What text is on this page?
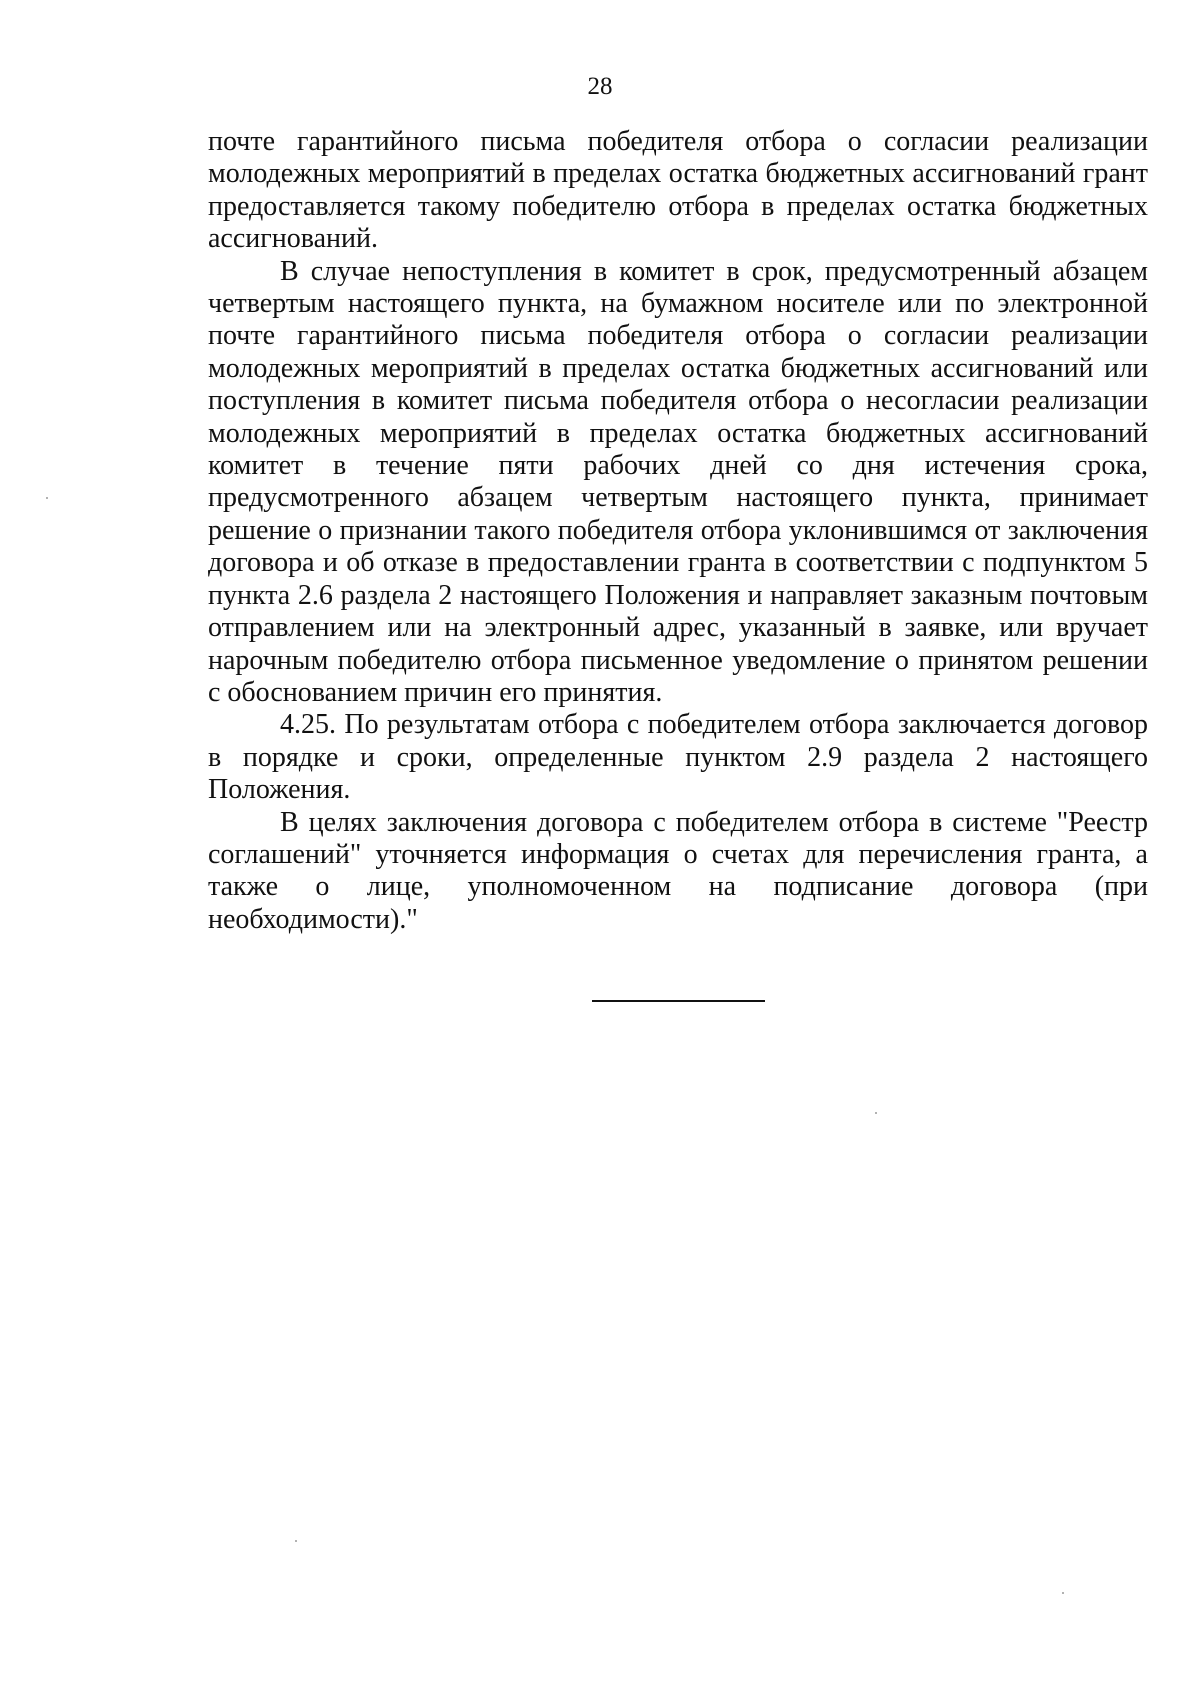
28

почте гарантийного письма победителя отбора о согласии реализации молодежных мероприятий в пределах остатка бюджетных ассигнований грант предоставляется такому победителю отбора в пределах остатка бюджетных ассигнований.

В случае непоступления в комитет в срок, предусмотренный абзацем четвертым настоящего пункта, на бумажном носителе или по электронной почте гарантийного письма победителя отбора о согласии реализации молодежных мероприятий в пределах остатка бюджетных ассигнований или поступления в комитет письма победителя отбора о несогласии реализации молодежных мероприятий в пределах остатка бюджетных ассигнований комитет в течение пяти рабочих дней со дня истечения срока, предусмотренного абзацем четвертым настоящего пункта, принимает решение о признании такого победителя отбора уклонившимся от заключения договора и об отказе в предоставлении гранта в соответствии с подпунктом 5 пункта 2.6 раздела 2 настоящего Положения и направляет заказным почтовым отправлением или на электронный адрес, указанный в заявке, или вручает нарочным победителю отбора письменное уведомление о принятом решении с обоснованием причин его принятия.

4.25. По результатам отбора с победителем отбора заключается договор в порядке и сроки, определенные пунктом 2.9 раздела 2 настоящего Положения.

В целях заключения договора с победителем отбора в системе "Реестр соглашений" уточняется информация о счетах для перечисления гранта, а также о лице, уполномоченном на подписание договора (при необходимости)."
